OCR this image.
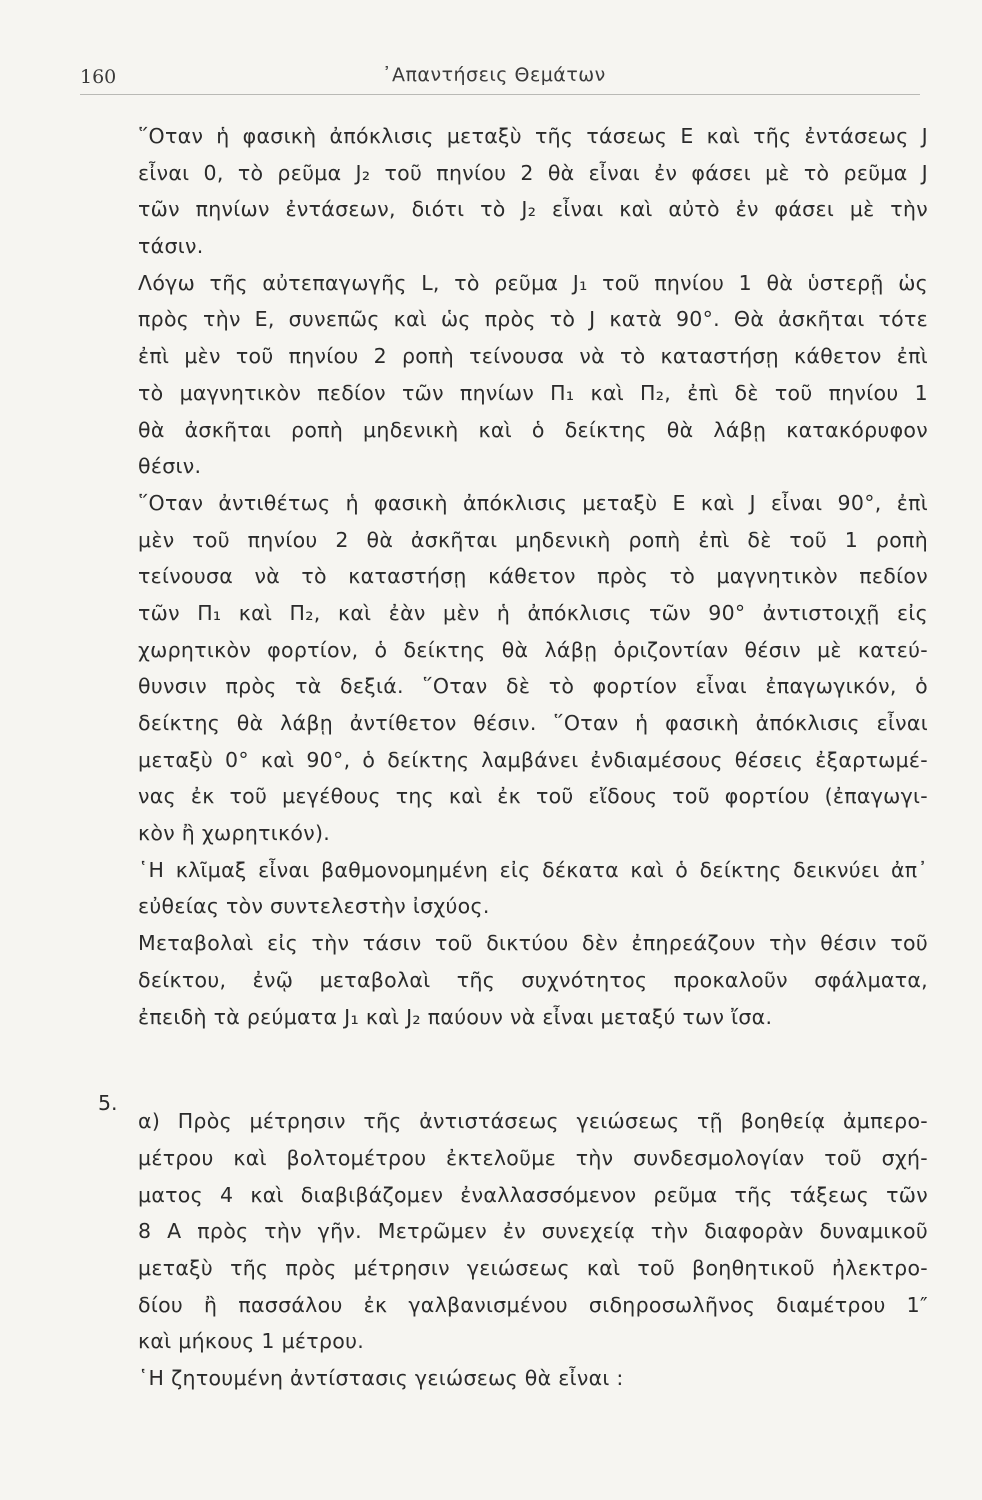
160	᾿Απαντήσεις Θεμάτων
῞Οταν ἡ φασικὴ ἀπόκλισις μεταξὺ τῆς τάσεως E καὶ τῆς ἐντάσεως J
εἶναι 0, τὸ ρεῦμα J₂ τοῦ πηνίου 2 θὰ εἶναι ἐν φάσει μὲ τὸ ρεῦμα J
τῶν πηνίων ἐντάσεων, διότι τὸ J₂ εἶναι καὶ αὐτὸ ἐν φάσει μὲ τὴν
τάσιν.
Λόγω τῆς αὐτεπαγωγῆς L, τὸ ρεῦμα J₁ τοῦ πηνίου 1 θὰ ὑστερῇ ὡς
πρὸς τὴν E, συνεπῶς καὶ ὡς πρὸς τὸ J κατὰ 90°. Θὰ ἀσκῆται τότε
ἐπὶ μὲν τοῦ πηνίου 2 ροπὴ τείνουσα νὰ τὸ καταστήσῃ κάθετον ἐπὶ
τὸ μαγνητικὸν πεδίον τῶν πηνίων Π₁ καὶ Π₂, ἐπὶ δὲ τοῦ πηνίου 1
θὰ ἀσκῆται ροπὴ μηδενικὴ καὶ ὁ δείκτης θὰ λάβῃ κατακόρυφον
θέσιν.
῞Οταν ἀντιθέτως ἡ φασικὴ ἀπόκλισις μεταξὺ E καὶ J εἶναι 90°, ἐπὶ
μὲν τοῦ πηνίου 2 θὰ ἀσκῆται μηδενικὴ ροπὴ ἐπὶ δὲ τοῦ 1 ροπὴ
τείνουσα νὰ τὸ καταστήσῃ κάθετον πρὸς τὸ μαγνητικὸν πεδίον
τῶν Π₁ καὶ Π₂, καὶ ἐὰν μὲν ἡ ἀπόκλισις τῶν 90° ἀντιστοιχῇ εἰς
χωρητικὸν φορτίον, ὁ δείκτης θὰ λάβῃ ὁριζοντίαν θέσιν μὲ κατεύ-
θυνσιν πρὸς τὰ δεξιά. ῞Οταν δὲ τὸ φορτίον εἶναι ἐπαγωγικόν, ὁ
δείκτης θὰ λάβῃ ἀντίθετον θέσιν. ῞Οταν ἡ φασικὴ ἀπόκλισις εἶναι
μεταξὺ 0° καὶ 90°, ὁ δείκτης λαμβάνει ἐνδιαμέσους θέσεις ἐξαρτωμέ-
νας ἐκ τοῦ μεγέθους της καὶ ἐκ τοῦ εἴδους τοῦ φορτίου (ἐπαγωγι-
κὸν ἢ χωρητικόν).
῾Η κλῖμαξ εἶναι βαθμονομημένη εἰς δέκατα καὶ ὁ δείκτης δεικνύει ἀπ᾿
εὐθείας τὸν συντελεστὴν ἰσχύος.
Μεταβολαὶ εἰς τὴν τάσιν τοῦ δικτύου δὲν ἐπηρεάζουν τὴν θέσιν τοῦ
δείκτου, ἐνῷ μεταβολαὶ τῆς συχνότητος προκαλοῦν σφάλματα,
ἐπειδὴ τὰ ρεύματα J₁ καὶ J₂ παύουν νὰ εἶναι μεταξύ των ἴσα.
α) Πρὸς μέτρησιν τῆς ἀντιστάσεως γειώσεως τῇ βοηθείᾳ ἀμπερο-
μέτρου καὶ βολτομέτρου ἐκτελοῦμε τὴν συνδεσμολογίαν τοῦ σχή-
ματος 4 καὶ διαβιβάζομεν ἐναλλασσόμενον ρεῦμα τῆς τάξεως τῶν
8 A πρὸς τὴν γῆν. Μετρῶμεν ἐν συνεχείᾳ τὴν διαφορὰν δυναμικοῦ
μεταξὺ τῆς πρὸς μέτρησιν γειώσεως καὶ τοῦ βοηθητικοῦ ἠλεκτρο-
δίου ἢ πασσάλου ἐκ γαλβανισμένου σιδηροσωλῆνος διαμέτρου 1″
καὶ μήκους 1 μέτρου.
῾Η ζητουμένη ἀντίστασις γειώσεως θὰ εἶναι :
5.
